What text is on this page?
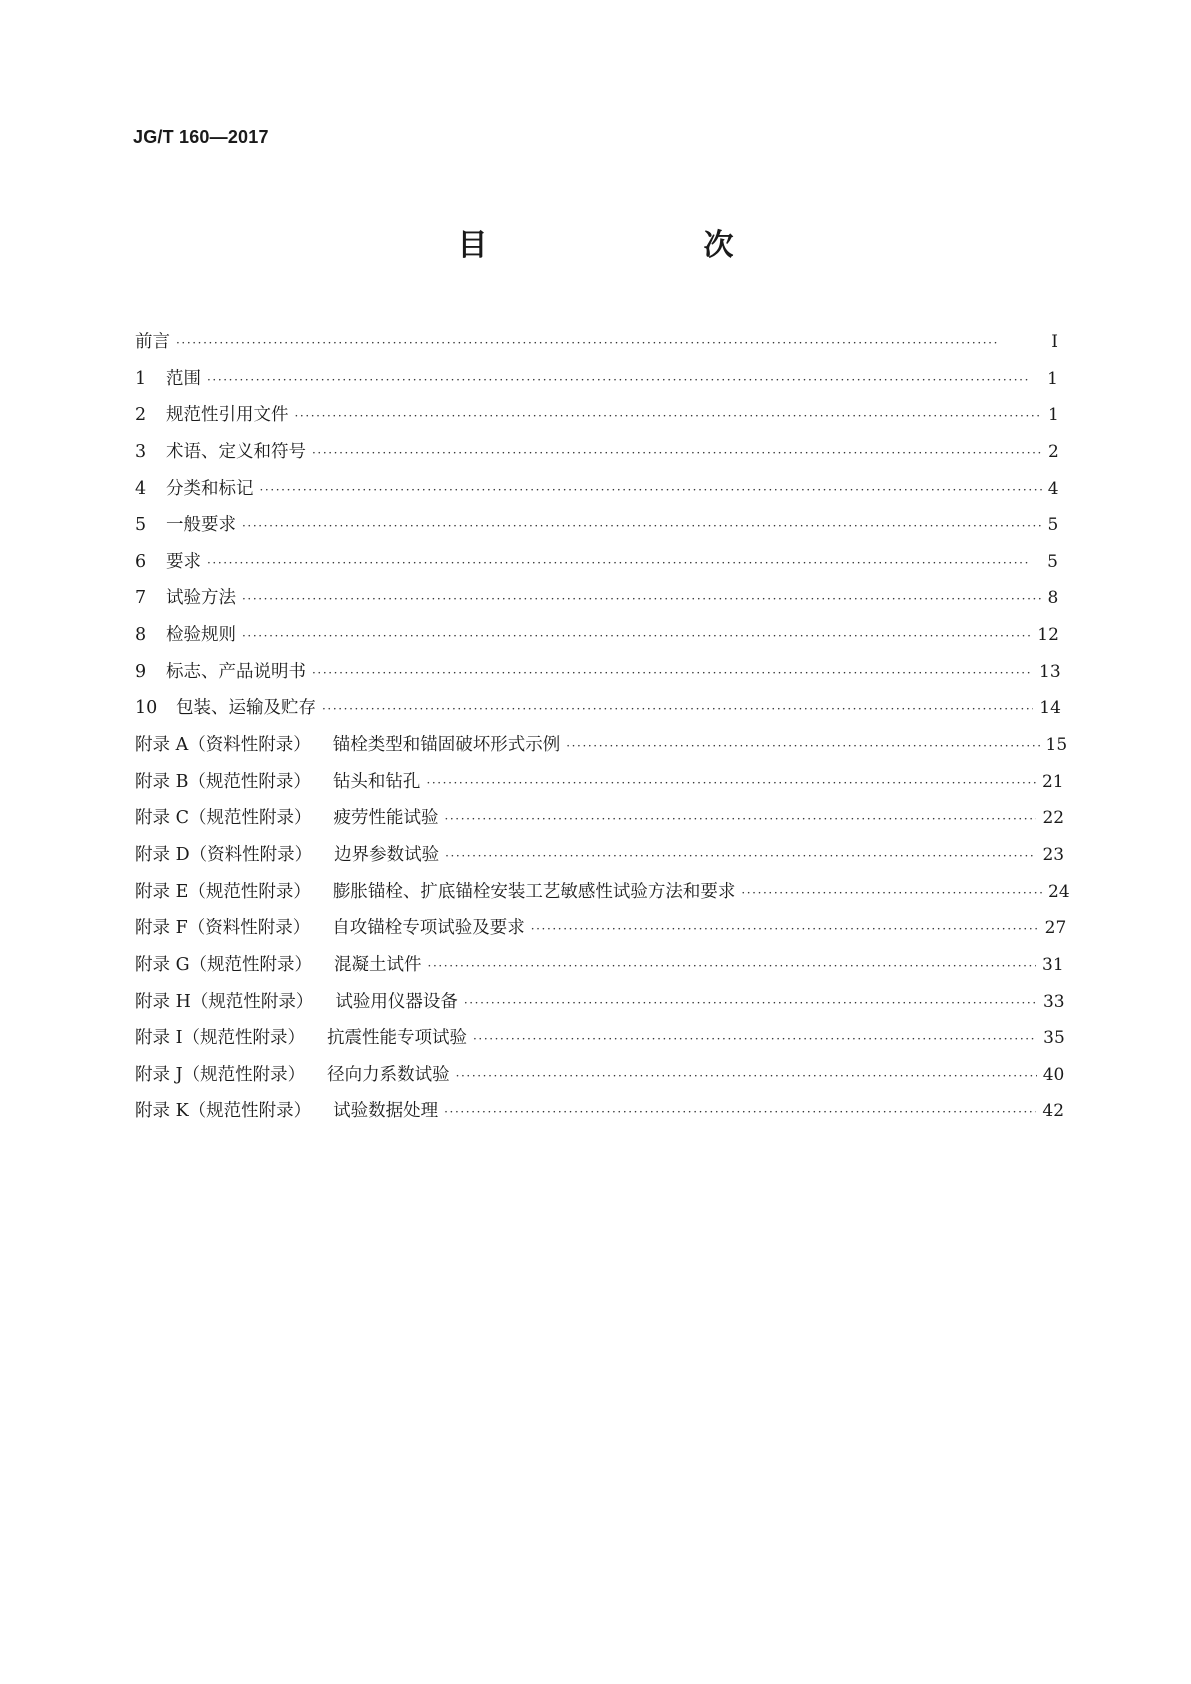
JG/T 160—2017
目　　次
前言 ·····	Ⅰ
1	范围 ·····	1
2	规范性引用文件 ·····	1
3	术语、定义和符号 ·····	2
4	分类和标记 ·····	4
5	一般要求 ·····	5
6	要求 ·····	5
7	试验方法 ·····	8
8	检验规则 ·····	12
9	标志、产品说明书 ·····	13
10	包装、运输及贮存 ·····	14
附录 A（资料性附录） 锚栓类型和锚固破坏形式示例 ·····	15
附录 B（规范性附录） 钻头和钻孔 ·····	21
附录 C（规范性附录） 疲劳性能试验 ·····	22
附录 D（资料性附录） 边界参数试验 ·····	23
附录 E（规范性附录） 膨胀锚栓、扩底锚栓安装工艺敏感性试验方法和要求 ·····	24
附录 F（资料性附录） 自攻锚栓专项试验及要求 ·····	27
附录 G（规范性附录） 混凝土试件 ·····	31
附录 H（规范性附录） 试验用仪器设备 ·····	33
附录 I（规范性附录） 抗震性能专项试验 ·····	35
附录 J（规范性附录） 径向力系数试验 ·····	40
附录 K（规范性附录） 试验数据处理 ·····	42
